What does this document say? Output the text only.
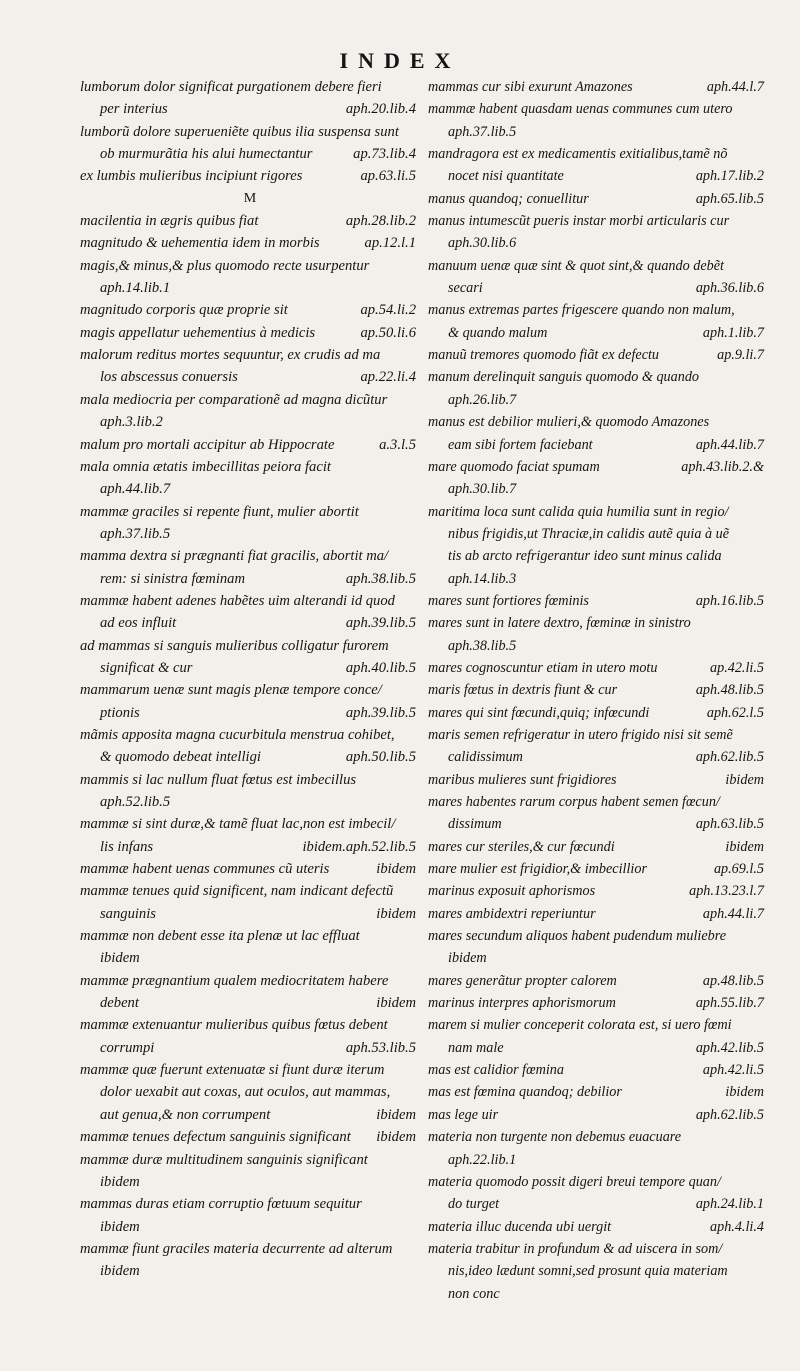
INDEX
lumborum dolor significat purgationem debere fieri
per interius	aph.20.lib.4
lumborũ dolore superueniẽte quibus ilia suspensa sunt
ob murmurãtia his alui humectantur	ap.73.lib.4
ex lumbis mulieribus incipiunt rigores	ap.63.li.5
M
macilentia in ægris quibus fiat	aph.28.lib.2
magnitudo & uehementia idem in morbis	ap.12.l.1
magis,& minus,& plus quomodo recte usurpentur
aph.14.lib.1
magnitudo corporis quæ proprie sit	ap.54.li.2
magis appellatur uehementius à medicis	ap.50.li.6
malorum reditus mortes sequuntur, ex crudis ad ma
los abscessus conuersis	ap.22.li.4
mala mediocria per comparationẽ ad magna dicũtur
aph.3.lib.2
malum pro mortali accipitur ab Hippocrate	a.3.l.5
mala omnia ætatis imbecillitas peiora facit
aph.44.lib.7
mammæ graciles si repente fiunt, mulier abortit
aph.37.lib.5
mamma dextra si prægnanti fiat gracilis, abortit ma/
rem: si sinistra fœminam	aph.38.lib.5
mammæ habent adenes habẽtes uim alterandi id quod
ad eos influit	aph.39.lib.5
ad mammas si sanguis mulieribus colligatur furorem
significat & cur	aph.40.lib.5
mammarum uenæ sunt magis plenæ tempore conce/
ptionis	aph.39.lib.5
mãmis apposita magna cucurbitula menstrua cohibet,
& quomodo debeat intelligi	aph.50.lib.5
mammis si lac nullum fluat fœtus est imbecillus
aph.52.lib.5
mammæ si sint duræ,& tamẽ fluat lac,non est imbecil/
lis infans	ibidem.aph.52.lib.5
mammæ habent uenas communes cũ uteris	ibidem
mammæ tenues quid significent, nam indicant defectũ
sanguinis	ibidem
mammæ non debent esse ita plenæ ut lac effluat
ibidem
mammæ prægnantium qualem mediocritatem habere
debent	ibidem
mammæ extenuantur mulieribus quibus fœtus debent
corrumpi	aph.53.lib.5
mammæ quæ fuerunt extenuatæ si fiunt duræ iterum
dolor uexabit aut coxas, aut oculos, aut mammas,
aut genua,& non corrumpent	ibidem
mammæ tenues defectum sanguinis significant ibidem
mammæ duræ multitudinem sanguinis significant
ibidem
mammas duras etiam corruptio fœtuum sequitur
ibidem
mammæ fiunt graciles materia decurrente ad alterum
ibidem
mammas cur sibi exurunt Amazones	aph.44.l.7
mammæ habent quasdam uenas communes cum utero
aph.37.lib.5
mandragora est ex medicamentis exitialibus,tamẽ nõ
nocet nisi quantitate	aph.17.lib.2
manus quandoq; conuellitur	aph.65.lib.5
manus intumescũt pueris instar morbi articularis cur
aph.30.lib.6
manuum uenæ quæ sint & quot sint,& quando debẽt
secari	aph.36.lib.6
manus extremas partes frigescere quando non malum,
& quando malum	aph.1.lib.7
manuũ tremores quomodo fiãt ex defectu	ap.9.li.7
manum derelinquit sanguis quomodo & quando
aph.26.lib.7
manus est debilior mulieri,& quomodo Amazones
eam sibi fortem faciebant	aph.44.lib.7
mare quomodo faciat spumam	aph.43.lib.2.&
aph.30.lib.7
maritima loca sunt calida quia humilia sunt in regio/
nibus frigidis,ut Thraciæ,in calidis autẽ quia à uẽ
tis ab arcto refrigerantur ideo sunt minus calida
aph.14.lib.3
mares sunt fortiores fœminis	aph.16.lib.5
mares sunt in latere dextro, fœminæ in sinistro
aph.38.lib.5
mares cognoscuntur etiam in utero motu	ap.42.li.5
maris fœtus in dextris fiunt & cur	aph.48.lib.5
mares qui sint fœcundi,quiq; infœcundi	aph.62.l.5
maris semen refrigeratur in utero frigido nisi sit semẽ
calidissimum	aph.62.lib.5
maribus mulieres sunt frigidiores	ibidem
mares habentes rarum corpus habent semen fœcun/
dissimum	aph.63.lib.5
mares cur steriles,& cur fœcundi	ibidem
mare mulier est frigidior,& imbecillior	ap.69.l.5
marinus exposuit aphorismos	aph.13.23.l.7
mares ambidextri reperiuntur	aph.44.li.7
mares secundum aliquos habent pudendum muliebre
ibidem
mares generãtur propter calorem	ap.48.lib.5
marinus interpres aphorismorum	aph.55.lib.7
marem si mulier conceperit colorata est, si uero fœmi
nam male	aph.42.lib.5
mas est calidior fœmina	aph.42.li.5
mas est fœmina quandoq; debilior	ibidem
mas lege uir	aph.62.lib.5
materia non turgente non debemus euacuare
aph.22.lib.1
materia quomodo possit digeri breui tempore quan/
do turget	aph.24.lib.1
materia illuc ducenda ubi uergit	aph.4.li.4
materia trabitur in profundum & ad uiscera in som/
nis,ideo lædunt somni,sed prosunt quia materiam
non conc
